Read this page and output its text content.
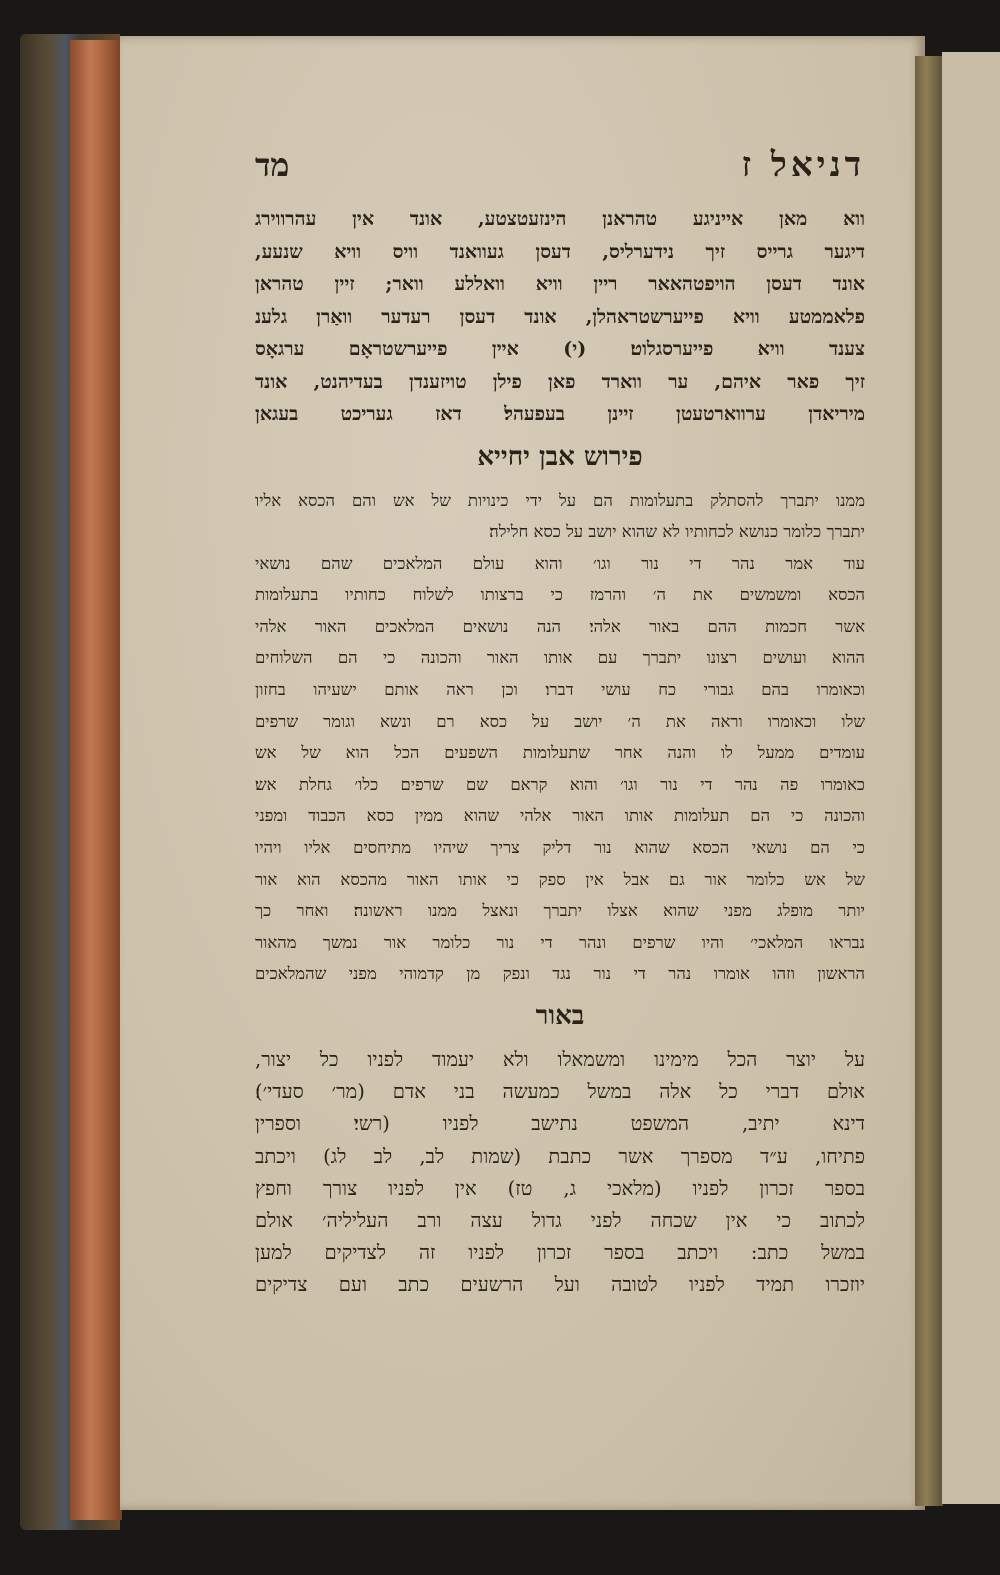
דניאל ז
מד
ווא מאן אייניגע טהראנן הינזעטצטע, אונד אין עהרווירג
דיגער גרייס זיך נידערליס, דעסן געוואנד וויס וויא שנעע,
אונד דעסן הויפטהאאר ריין וויא וואללע וואר; זיין טהראן
פלאממטע וויא פייערשטראהלן, אונד דעסן רעדער וואַרן גלענ
צענד וויא פייערסגלוט׃ (י) איין פייערשטראָם ערגאָס
זיך פאר איהם, ער ווארד פאן פילן טויזענדן בעדיהנט, אונד
מיריאדן ערווארטעטן זיינן בעפעהל׃ דאז געריכט בעגאן
פירוש אבן יחייא
ממנו יתברך להסתלק בתעלומות הם על ידי כינויות של אש והם הכסא אליו
יתברך כלומר כנושא לכחותיו לא שהוא יושב על כסא חלילה׃
עוד אמר נהר די נור וגו׳ והוא עולם המלאכים שהם נושאי
הכסא ומשמשים את ה׳ והרמז כי ברצותו לשלוח כחותיו בתעלומות
אשר חכמות ההם באור אלהי׃ הנה נושאים המלאכים האור אלהי
ההוא ועושים רצונו יתברך עם אותו האור והכונה כי הם השלוחים
וכאומרו בהם גבורי כח עושי דברו׃ וכן ראה אותם ישעיהו בחזון
שלו וכאומרו וראה את ה׳ יושב על כסא רם ונשא וגומר שרפים
עומדים ממעל לו והנה אחר שתעלומות השפעים הכל הוא של אש
כאומרו פה נהר די נור וגו׳ והוא קראם שם שרפים כלו׳ גחלת אש׃
והכונה כי הם תעלומות אותו האור אלהי שהוא ממין כסא הכבוד ומפני
כי הם נושאי הכסא שהוא נור דליק צריך שיהיו מתיחסים אליו ויהיו
של אש כלומר אור גם אבל אין ספק כי אותו האור מהכסא הוא אור
יותר מופלג מפני שהוא אצלו יתברך ונאצל ממנו ראשונה׃ ואחר כך
נבראו המלאכי׳ והיו שרפים ונהר די נור כלומר אור נמשך מהאור
הראשון וזהו אומרו נהר די נור נגד ונפק מן קדמוהי מפני שהמלאכים
באור
על יוצר הכל מימינו ומשמאלו ולא יעמוד לפניו כל יצור,
אולם דברי כל אלה במשל כמעשה בני אדם (מר׳ סעדי׳)׃
דינא יתיב, המשפט נתישב לפניו (רשי׃ וספרין
פתיחו, ע״ד מספרך אשר כתבת (שמות לב, לב לג) ויכתב
בספר זכרון לפניו (מלאכי ג, טז) אין לפניו צורך וחפץ
לכתוב כי אין שכחה לפני גדול עצה ורב העליליה׳ אולם
במשל כתב: ויכתב בספר זכרון לפניו זה לצדיקים למען
יוזכרו תמיד לפניו לטובה ועל הרשעים כתב ועם צדיקים
